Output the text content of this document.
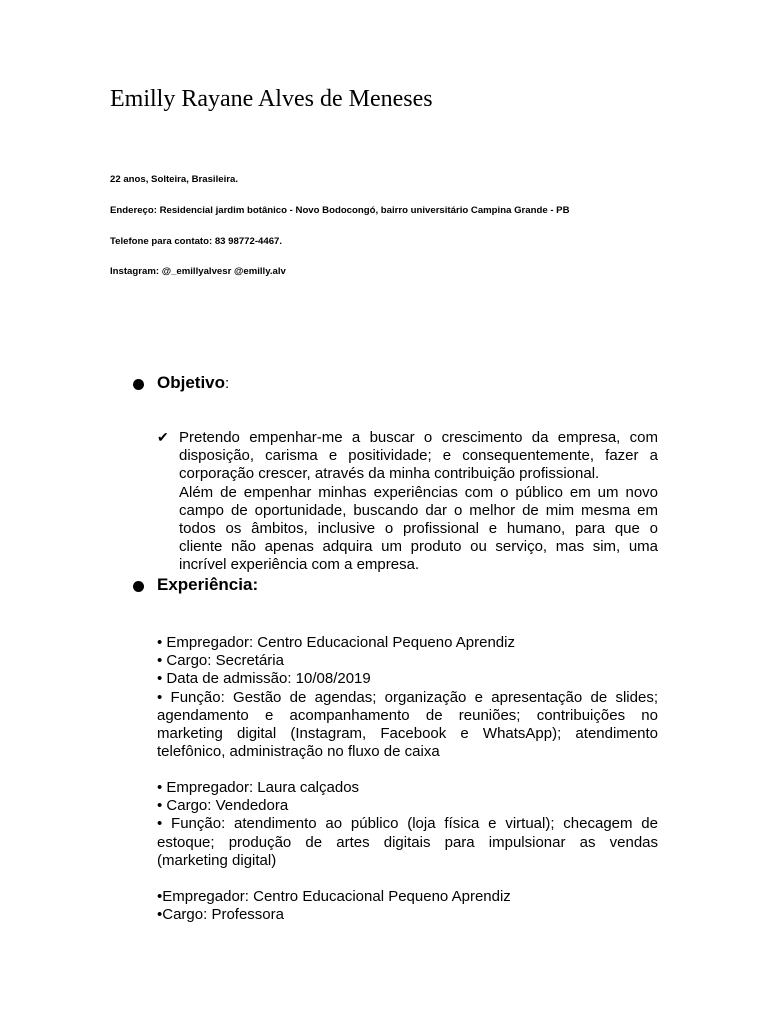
Emilly Rayane Alves de Meneses
22 anos, Solteira, Brasileira.
Endereço: Residencial jardim botânico - Novo Bodocongó, bairro universitário Campina Grande - PB
Telefone para contato: 83 98772-4467.
Instagram: @_emillyalvesr @emilly.alv
Objetivo :
✔ Pretendo empenhar-me a buscar o crescimento da empresa, com
disposição, carisma e positividade; e consequentemente, fazer a
corporação crescer, através da minha contribuição profissional.
Além de empenhar minhas experiências com o público em um novo
campo de oportunidade, buscando dar o melhor de mim mesma em
todos os âmbitos, inclusive o profissional e humano, para que o
cliente não apenas adquira um produto ou serviço, mas sim, uma
incrível experiência com a empresa.

Experiência:
• Empregador: Centro Educacional Pequeno Aprendiz
• Cargo: Secretária
• Data de admissão: 10/08/2019
• Função: Gestão de agendas; organização e apresentação de slides;
agendamento e acompanhamento de reuniões; contribuições no
marketing digital (Instagram, Facebook e WhatsApp); atendimento
telefônico, administração no fluxo de caixa
• Empregador: Laura calçados
• Cargo: Vendedora
• Função: atendimento ao público (loja física e virtual); checagem de
estoque; produção de artes digitais para impulsionar as vendas
(marketing digital)
•Empregador: Centro Educacional Pequeno Aprendiz
•Cargo: Professora
